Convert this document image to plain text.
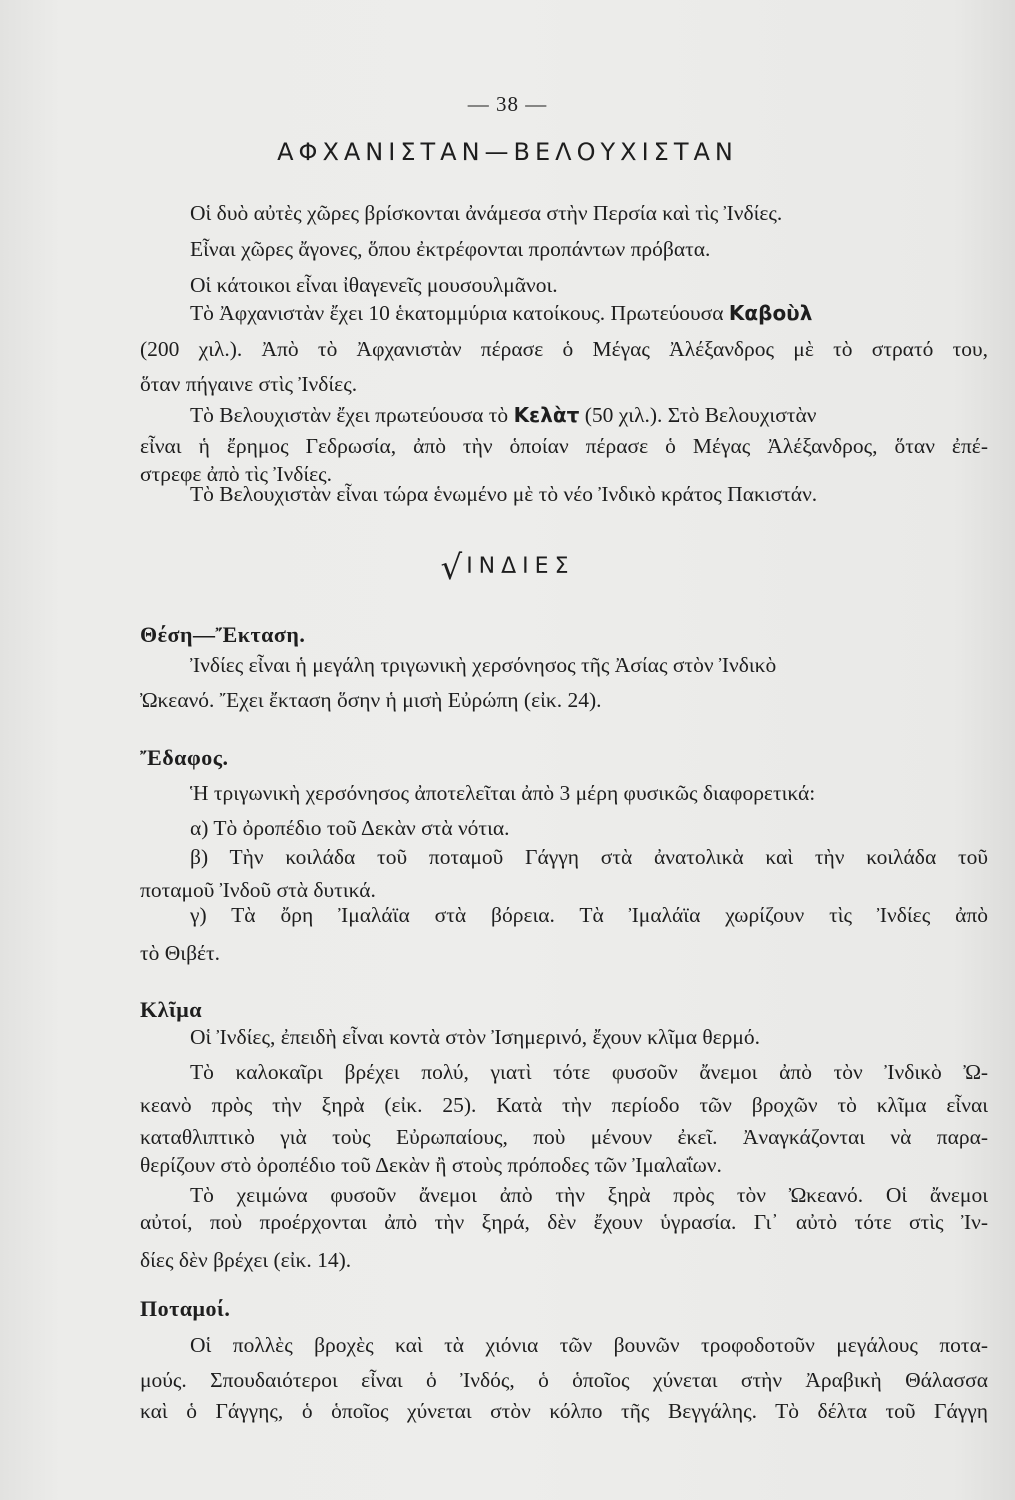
— 38 —
ΑΦΧΑΝΙΣΤΑΝ—ΒΕΛΟΥΧΙΣΤΑΝ
Οἱ δυὸ αὐτὲς χῶρες βρίσκονται ἀνάμεσα στὴν Περσία καὶ τὶς Ἰνδίες.
Εἶναι χῶρες ἄγονες, ὅπου ἐκτρέφονται προπάντων πρόβατα.
Οἱ κάτοικοι εἶναι ἰθαγενεῖς μουσουλμᾶνοι.
Τὸ Ἀφχανιστὰν ἔχει 10 ἑκατομμύρια κατοίκους. Πρωτεύουσα Καβοὺλ
(200 χιλ.). Ἀπὸ τὸ Ἀφχανιστὰν πέρασε ὁ Μέγας Ἀλέξανδρος μὲ τὸ στρατό του,
ὅταν πήγαινε στὶς Ἰνδίες.
Τὸ Βελουχιστὰν ἔχει πρωτεύουσα τὸ Κελὰτ (50 χιλ.). Στὸ Βελουχιστὰν
εἶναι ἡ ἔρημος Γεδρωσία, ἀπὸ τὴν ὁποίαν πέρασε ὁ Μέγας Ἀλέξανδρος, ὅταν ἐπέ-
στρεφε ἀπὸ τὶς Ἰνδίες.
Τὸ Βελουχιστὰν εἶναι τώρα ἑνωμένο μὲ τὸ νέο Ἰνδικὸ κράτος Πακιστάν.
√ ΙΝΔΙΕΣ
Θέση—Ἔκταση.
Ἰνδίες εἶναι ἡ μεγάλη τριγωνικὴ χερσόνησος τῆς Ἀσίας στὸν Ἰνδικὸ
Ὠκεανό. Ἔχει ἔκταση ὅσην ἡ μισὴ Εὐρώπη (εἰκ. 24).
Ἔδαφος.
Ἡ τριγωνικὴ χερσόνησος ἀποτελεῖται ἀπὸ 3 μέρη φυσικῶς διαφορετικά:
α) Τὸ ὀροπέδιο τοῦ Δεκὰν στὰ νότια.
β) Τὴν κοιλάδα τοῦ ποταμοῦ Γάγγη στὰ ἀνατολικὰ καὶ τὴν κοιλάδα τοῦ
ποταμοῦ Ἰνδοῦ στὰ δυτικά.
γ) Τὰ ὄρη Ἰμαλάϊα στὰ βόρεια. Τὰ Ἰμαλάϊα χωρίζουν τὶς Ἰνδίες ἀπὸ
τὸ Θιβέτ.
Κλῖμα
Οἱ Ἰνδίες, ἐπειδὴ εἶναι κοντὰ στὸν Ἰσημερινό, ἔχουν κλῖμα θερμό.
Τὸ καλοκαῖρι βρέχει πολύ, γιατὶ τότε φυσοῦν ἄνεμοι ἀπὸ τὸν Ἰνδικὸ Ὠ-
κεανὸ πρὸς τὴν ξηρὰ (εἰκ. 25). Κατὰ τὴν περίοδο τῶν βροχῶν τὸ κλῖμα εἶναι
καταθλιπτικὸ γιὰ τοὺς Εὐρωπαίους, ποὺ μένουν ἐκεῖ. Ἀναγκάζονται νὰ παρα-
θερίζουν στὸ ὀροπέδιο τοῦ Δεκὰν ἢ στοὺς πρόποδες τῶν Ἰμαλαΐων.
Τὸ χειμώνα φυσοῦν ἄνεμοι ἀπὸ τὴν ξηρὰ πρὸς τὸν Ὠκεανό. Οἱ ἄνεμοι
αὐτοί, ποὺ προέρχονται ἀπὸ τὴν ξηρά, δὲν ἔχουν ὑγρασία. Γι᾿ αὐτὸ τότε στὶς Ἰν-
δίες δὲν βρέχει (εἰκ. 14).
Ποταμοί.
Οἱ πολλὲς βροχὲς καὶ τὰ χιόνια τῶν βουνῶν τροφοδοτοῦν μεγάλους ποτα-
μούς. Σπουδαιότεροι εἶναι ὁ Ἰνδός, ὁ ὁποῖος χύνεται στὴν Ἀραβικὴ Θάλασσα
καὶ ὁ Γάγγης, ὁ ὁποῖος χύνεται στὸν κόλπο τῆς Βεγγάλης. Τὸ δέλτα τοῦ Γάγγη
